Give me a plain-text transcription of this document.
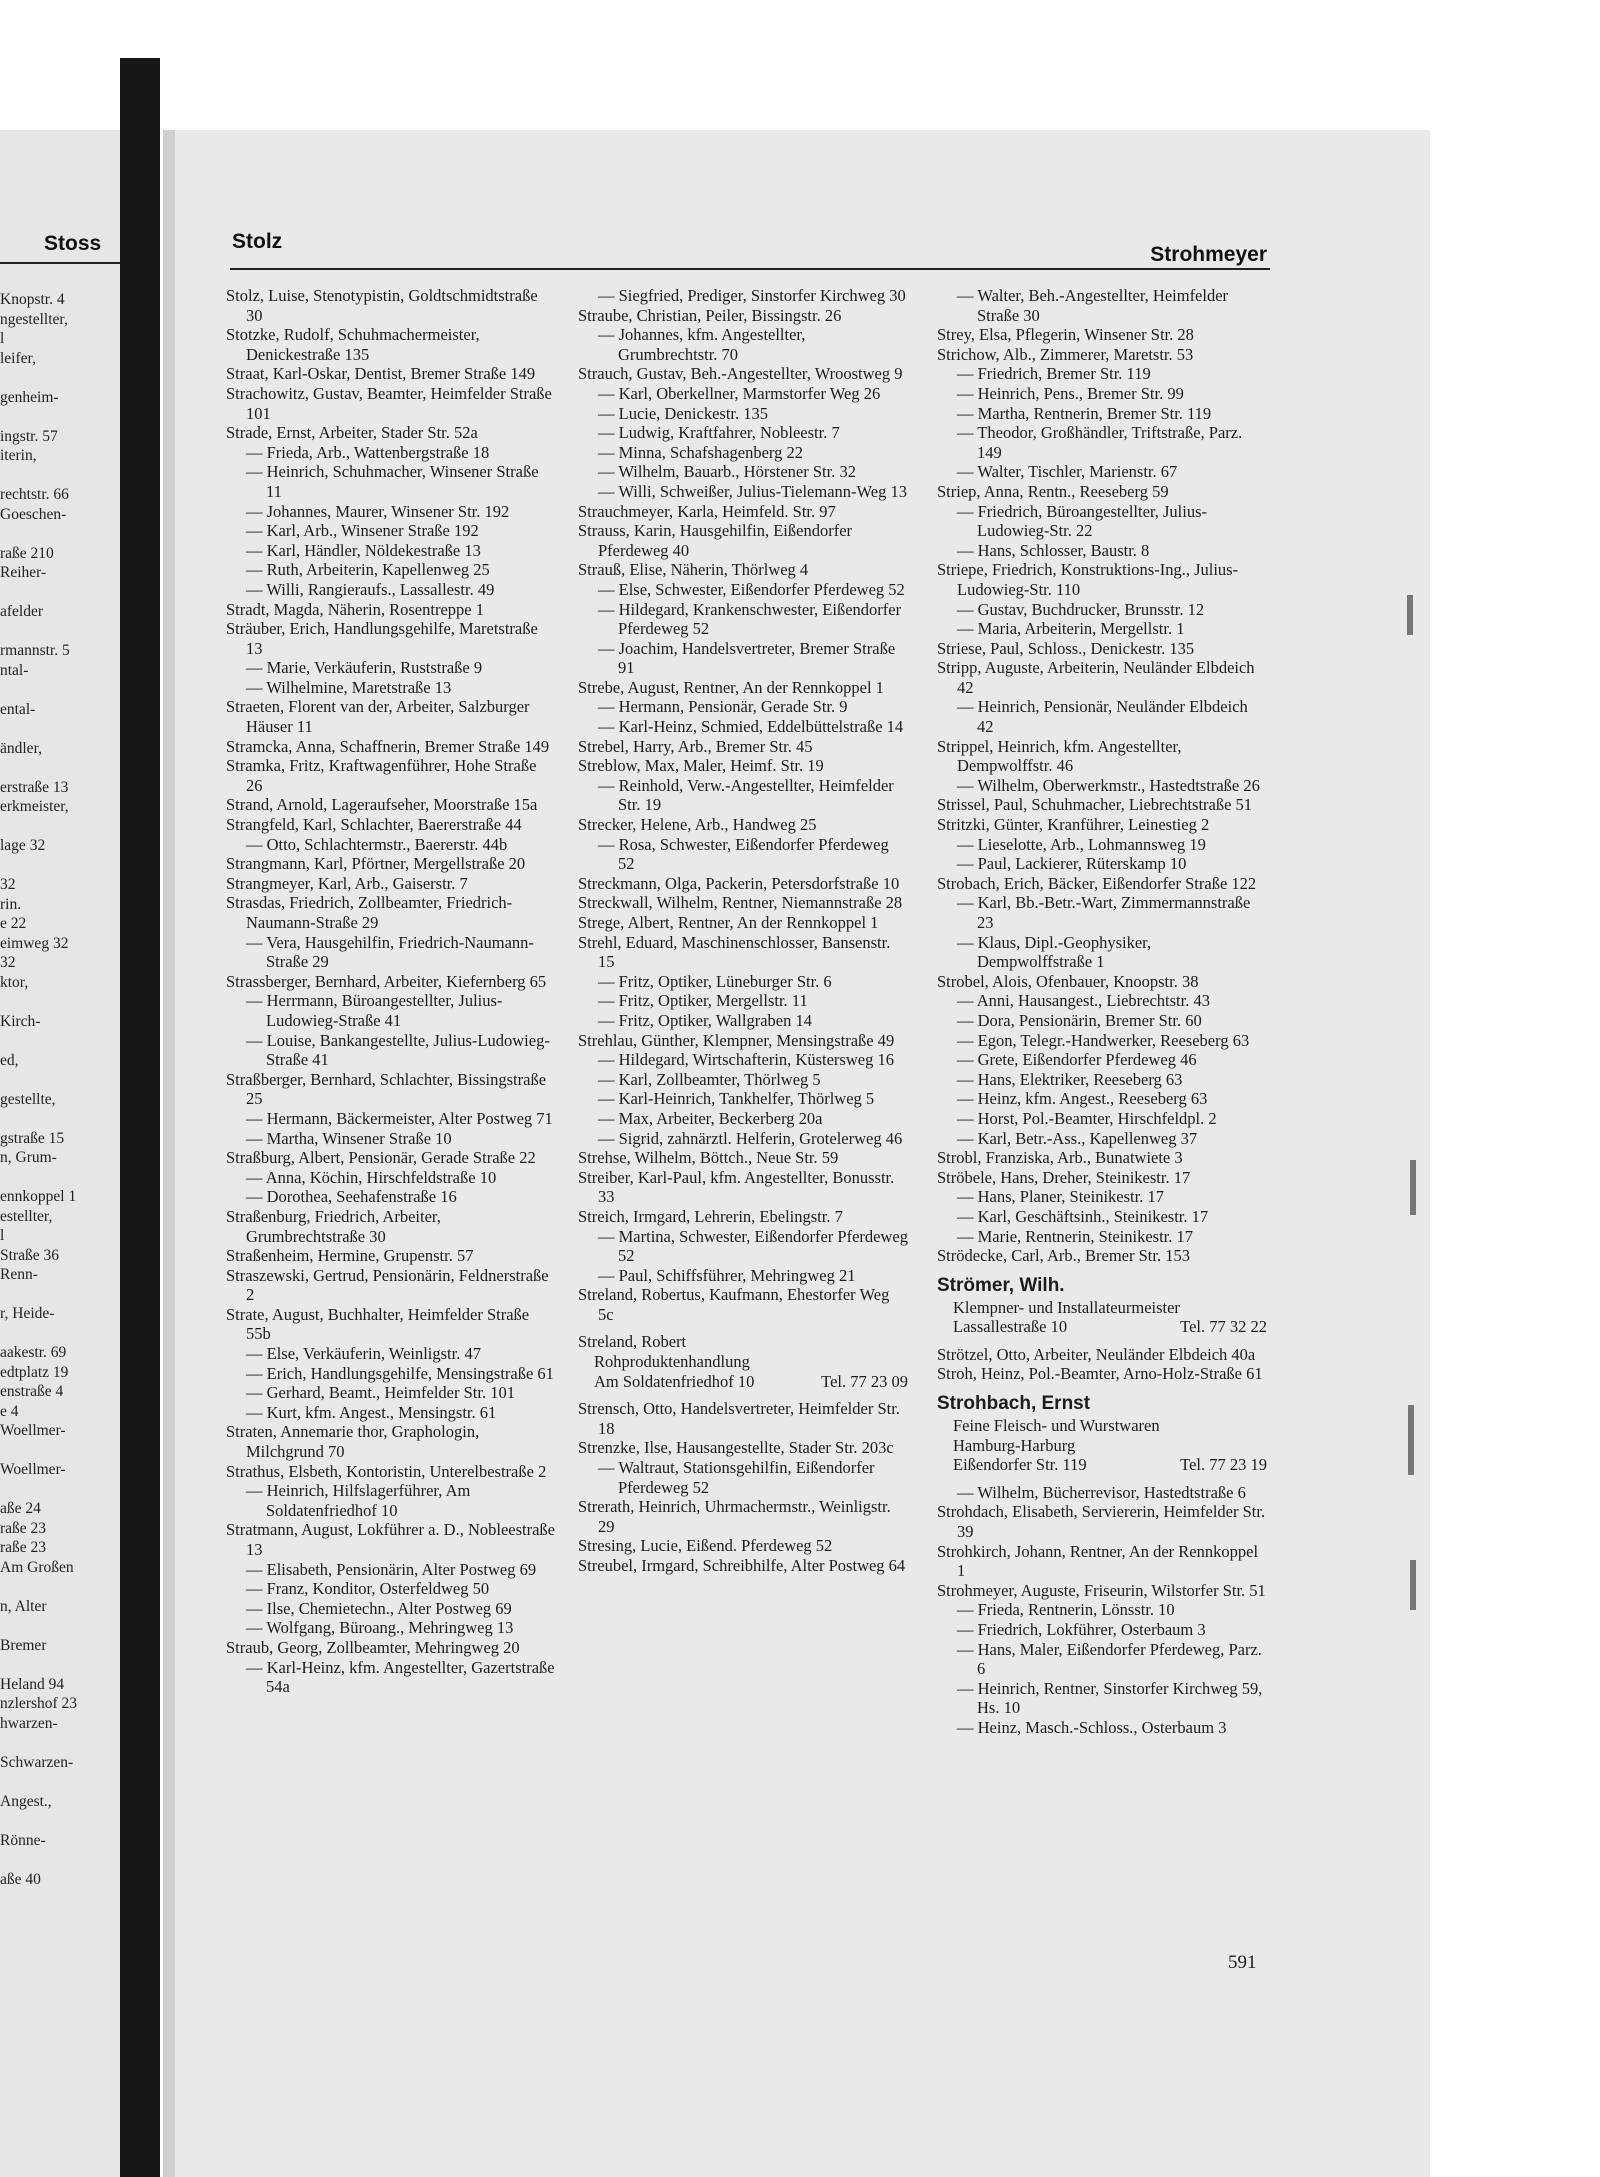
Stoss
Knopstr. 4
ngestellter,
l
leifer,
genheim-
ingstr. 57
iterin,
rechtstr. 66
Goeschen-
raße 210
Reiher-
afelder
rmannstr. 5
ntal-
ental-
ändler,
erstraße 13
erkmeister,
lage 32
32
rin.
e 22
eimweg 32
32
ktor,
Kirch-
ed,
gestellte,
gstraße 15
n, Grum-
ennkoppel 1
estellter,
l
Straße 36
Renn-
r, Heide-
aakestr. 69
edtplatz 19
enstraße 4
e 4
Woellmer-
Woellmer-
aße 24
raße 23
raße 23
Am Großen
n, Alter
Bremer
Heland 94
nzlershof 23
hwarzen-
Schwarzen-
Angest.,
Rönne-
aße 40
Stolz
Strohmeyer
Stolz, Luise, Stenotypistin, Goldtschmidtstraße 30
Stotzke, Rudolf, Schuhmachermeister, Denickestraße 135
Straat, Karl-Oskar, Dentist, Bremer Straße 149
Strachowitz, Gustav, Beamter, Heimfelder Straße 101
Strade, Ernst, Arbeiter, Stader Str. 52a
— Frieda, Arb., Wattenbergstraße 18
— Heinrich, Schuhmacher, Winsener Straße 11
— Johannes, Maurer, Winsener Str. 192
— Karl, Arb., Winsener Straße 192
— Karl, Händler, Nöldekestraße 13
— Ruth, Arbeiterin, Kapellenweg 25
— Willi, Rangieraufs., Lassallestr. 49
Stradt, Magda, Näherin, Rosentreppe 1
Sträuber, Erich, Handlungsgehilfe, Maretstraße 13
— Marie, Verkäuferin, Ruststraße 9
— Wilhelmine, Maretstraße 13
Straeten, Florent van der, Arbeiter, Salzburger Häuser 11
Stramcka, Anna, Schaffnerin, Bremer Straße 149
Stramka, Fritz, Kraftwagenführer, Hohe Straße 26
Strand, Arnold, Lageraufseher, Moorstraße 15a
Strangfeld, Karl, Schlachter, Baererstraße 44
— Otto, Schlachtermstr., Baererstr. 44b
Strangmann, Karl, Pförtner, Mergellstraße 20
Strangmeyer, Karl, Arb., Gaiserstr. 7
Strasdas, Friedrich, Zollbeamter, Friedrich-Naumann-Straße 29
— Vera, Hausgehilfin, Friedrich-Naumann-Straße 29
Strassberger, Bernhard, Arbeiter, Kiefernberg 65
— Herrmann, Büroangestellter, Julius-Ludowieg-Straße 41
— Louise, Bankangestellte, Julius-Ludowieg-Straße 41
Straßberger, Bernhard, Schlachter, Bissingstraße 25
— Hermann, Bäckermeister, Alter Postweg 71
— Martha, Winsener Straße 10
Straßburg, Albert, Pensionär, Gerade Straße 22
— Anna, Köchin, Hirschfeldstraße 10
— Dorothea, Seehafenstraße 16
Straßenburg, Friedrich, Arbeiter, Grumbrechtstraße 30
Straßenheim, Hermine, Grupenstr. 57
Straszewski, Gertrud, Pensionärin, Feldnerstraße 2
Strate, August, Buchhalter, Heimfelder Straße 55b
— Else, Verkäuferin, Weinligstr. 47
— Erich, Handlungsgehilfe, Mensingstraße 61
— Gerhard, Beamt., Heimfelder Str. 101
— Kurt, kfm. Angest., Mensingstr. 61
Straten, Annemarie thor, Graphologin, Milchgrund 70
Strathus, Elsbeth, Kontoristin, Unterelbestraße 2
— Heinrich, Hilfslagerführer, Am Soldatenfriedhof 10
Stratmann, August, Lokführer a. D., Nobleestraße 13
— Elisabeth, Pensionärin, Alter Postweg 69
— Franz, Konditor, Osterfeldweg 50
— Ilse, Chemietechn., Alter Postweg 69
— Wolfgang, Büroang., Mehringweg 13
Straub, Georg, Zollbeamter, Mehringweg 20
— Karl-Heinz, kfm. Angestellter, Gazertstraße 54a
— Siegfried, Prediger, Sinstorfer Kirchweg 30
Straube, Christian, Peiler, Bissingstr. 26
— Johannes, kfm. Angestellter, Grumbrechtstr. 70
Strauch, Gustav, Beh.-Angestellter, Wroostweg 9
— Karl, Oberkellner, Marmstorfer Weg 26
— Lucie, Denickestr. 135
— Ludwig, Kraftfahrer, Nobleestr. 7
— Minna, Schafshagenberg 22
— Wilhelm, Bauarb., Hörstener Str. 32
— Willi, Schweißer, Julius-Tielemann-Weg 13
Strauchmeyer, Karla, Heimfeld. Str. 97
Strauss, Karin, Hausgehilfin, Eißendorfer Pferdeweg 40
Strauß, Elise, Näherin, Thörlweg 4
— Else, Schwester, Eißendorfer Pferdeweg 52
— Hildegard, Krankenschwester, Eißendorfer Pferdeweg 52
— Joachim, Handelsvertreter, Bremer Straße 91
Strebe, August, Rentner, An der Rennkoppel 1
— Hermann, Pensionär, Gerade Str. 9
— Karl-Heinz, Schmied, Eddelbüttelstraße 14
Strebel, Harry, Arb., Bremer Str. 45
Streblow, Max, Maler, Heimf. Str. 19
— Reinhold, Verw.-Angestellter, Heimfelder Str. 19
Strecker, Helene, Arb., Handweg 25
— Rosa, Schwester, Eißendorfer Pferdeweg 52
Streckmann, Olga, Packerin, Petersdorfstraße 10
Streckwall, Wilhelm, Rentner, Niemannstraße 28
Strege, Albert, Rentner, An der Rennkoppel 1
Strehl, Eduard, Maschinenschlosser, Bansenstr. 15
— Fritz, Optiker, Lüneburger Str. 6
— Fritz, Optiker, Mergellstr. 11
— Fritz, Optiker, Wallgraben 14
Strehlau, Günther, Klempner, Mensingstraße 49
— Hildegard, Wirtschafterin, Küstersweg 16
— Karl, Zollbeamter, Thörlweg 5
— Karl-Heinrich, Tankhelfer, Thörlweg 5
— Max, Arbeiter, Beckerberg 20a
— Sigrid, zahnärztl. Helferin, Grotelerweg 46
Strehse, Wilhelm, Böttch., Neue Str. 59
Streiber, Karl-Paul, kfm. Angestellter, Bonusstr. 33
Streich, Irmgard, Lehrerin, Ebelingstr. 7
— Martina, Schwester, Eißendorfer Pferdeweg 52
— Paul, Schiffsführer, Mehringweg 21
Streland, Robertus, Kaufmann, Ehestorfer Weg 5c
Streland, Robert
Rohproduktenhandlung
Am Soldatenfriedhof 10	Tel. 77 23 09
Strensch, Otto, Handelsvertreter, Heimfelder Str. 18
Strenzke, Ilse, Hausangestellte, Stader Str. 203c
— Waltraut, Stationsgehilfin, Eißendorfer Pferdeweg 52
Strerath, Heinrich, Uhrmachermstr., Weinligstr. 29
Stresing, Lucie, Eißend. Pferdeweg 52
Streubel, Irmgard, Schreibhilfe, Alter Postweg 64
— Walter, Beh.-Angestellter, Heimfelder Straße 30
Strey, Elsa, Pflegerin, Winsener Str. 28
Strichow, Alb., Zimmerer, Maretstr. 53
— Friedrich, Bremer Str. 119
— Heinrich, Pens., Bremer Str. 99
— Martha, Rentnerin, Bremer Str. 119
— Theodor, Großhändler, Triftstraße, Parz. 149
— Walter, Tischler, Marienstr. 67
Striep, Anna, Rentn., Reeseberg 59
— Friedrich, Büroangestellter, Julius-Ludowieg-Str. 22
— Hans, Schlosser, Baustr. 8
Striepe, Friedrich, Konstruktions-Ing., Julius-Ludowieg-Str. 110
— Gustav, Buchdrucker, Brunsstr. 12
— Maria, Arbeiterin, Mergellstr. 1
Striese, Paul, Schloss., Denickestr. 135
Stripp, Auguste, Arbeiterin, Neuländer Elbdeich 42
— Heinrich, Pensionär, Neuländer Elbdeich 42
Strippel, Heinrich, kfm. Angestellter, Dempwolffstr. 46
— Wilhelm, Oberwerkmstr., Hastedtstraße 26
Strissel, Paul, Schuhmacher, Liebrechtstraße 51
Stritzki, Günter, Kranführer, Leinestieg 2
— Lieselotte, Arb., Lohmannsweg 19
— Paul, Lackierer, Rüterskamp 10
Strobach, Erich, Bäcker, Eißendorfer Straße 122
— Karl, Bb.-Betr.-Wart, Zimmermannstraße 23
— Klaus, Dipl.-Geophysiker, Dempwolffstraße 1
Strobel, Alois, Ofenbauer, Knoopstr. 38
— Anni, Hausangest., Liebrechtstr. 43
— Dora, Pensionärin, Bremer Str. 60
— Egon, Telegr.-Handwerker, Reeseberg 63
— Grete, Eißendorfer Pferdeweg 46
— Hans, Elektriker, Reeseberg 63
— Heinz, kfm. Angest., Reeseberg 63
— Horst, Pol.-Beamter, Hirschfeldpl. 2
— Karl, Betr.-Ass., Kapellenweg 37
Strobl, Franziska, Arb., Bunatwiete 3
Ströbele, Hans, Dreher, Steinikestr. 17
— Hans, Planer, Steinikestr. 17
— Karl, Geschäftsinh., Steinikestr. 17
— Marie, Rentnerin, Steinikestr. 17
Strödecke, Carl, Arb., Bremer Str. 153
Strömer, Wilh.
Klempner- und Installateurmeister
Lassallestraße 10	Tel. 77 32 22
Strötzel, Otto, Arbeiter, Neuländer Elbdeich 40a
Stroh, Heinz, Pol.-Beamter, Arno-Holz-Straße 61
Strohbach, Ernst
Feine Fleisch- und Wurstwaren
Hamburg-Harburg
Eißendorfer Str. 119	Tel. 77 23 19
— Wilhelm, Bücherrevisor, Hastedtstraße 6
Strohdach, Elisabeth, Serviererin, Heimfelder Str. 39
Strohkirch, Johann, Rentner, An der Rennkoppel 1
Strohmeyer, Auguste, Friseurin, Wilstorfer Str. 51
— Frieda, Rentnerin, Lönsstr. 10
— Friedrich, Lokführer, Osterbaum 3
— Hans, Maler, Eißendorfer Pferdeweg, Parz. 6
— Heinrich, Rentner, Sinstorfer Kirchweg 59, Hs. 10
— Heinz, Masch.-Schloss., Osterbaum 3
591
